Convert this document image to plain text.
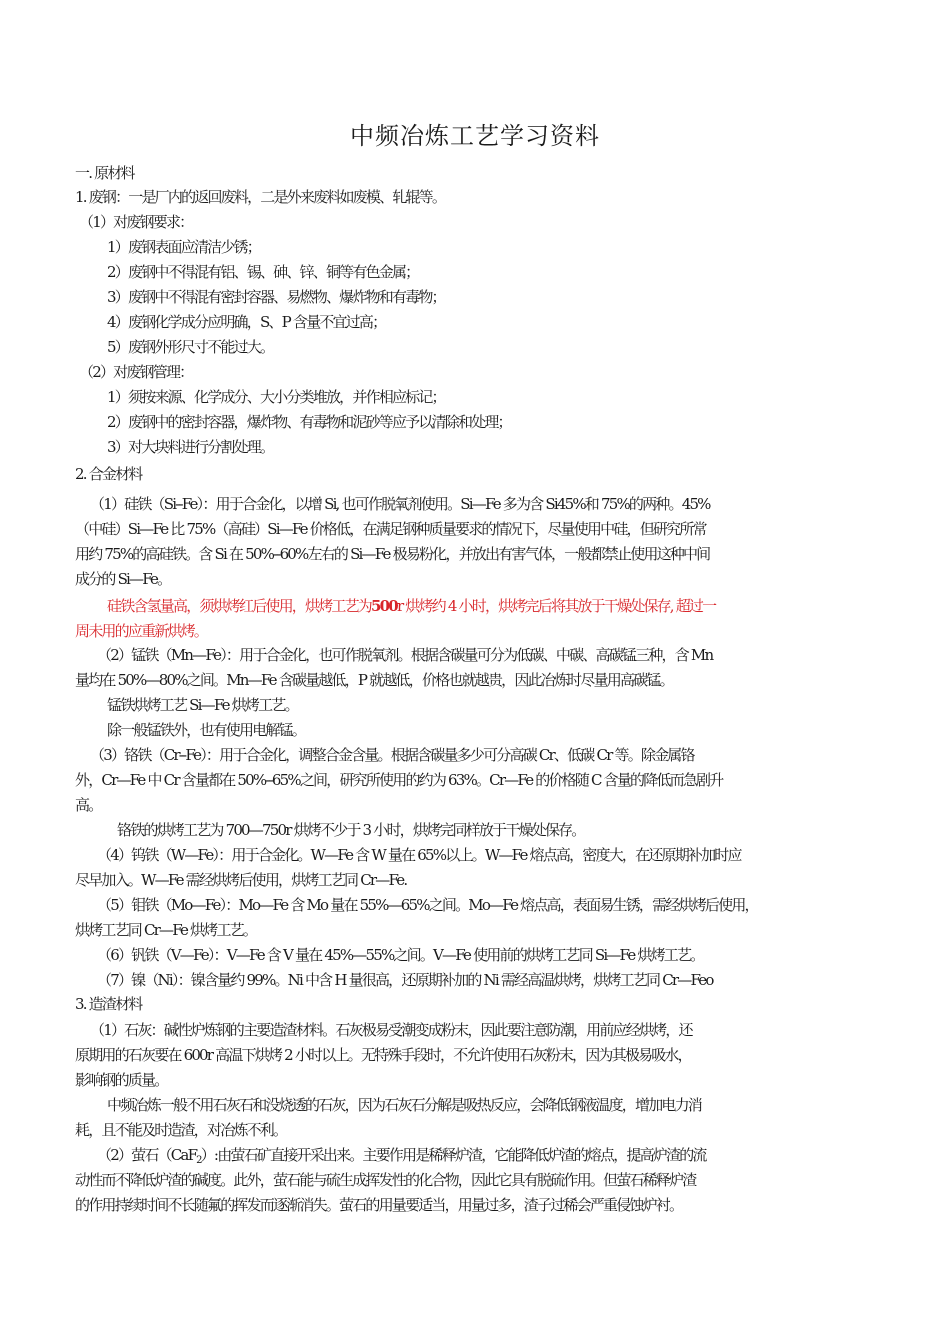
中频冶炼工艺学习资料
一. 原材料
1. 废钢：一是厂内的返回废料，二是外来废料如废模、轧辊等。
（1）对废钢要求：
1）废钢表面应清洁少锈；
2）废钢中不得混有铝、锡、砷、锌、铜等有色金属；
3）废钢中不得混有密封容器、易燃物、爆炸物和有毒物；
4）废钢化学成分应明确，S、P 含量不宜过高；
5）废钢外形尺寸不能过大。
（2）对废钢管理：
1）须按来源、化学成分、大小分类堆放，并作相应标记；
2）废钢中的密封容器，爆炸物、有毒物和泥砂等应予以清除和处理；
3）对大块料进行分割处理。
2. 合金材料
（1）硅铁（Si--Fe）：用于合金化，以增 Si, 也可作脱氧剂使用。Si—Fe 多为含 Si45%和 75%的两种。45%
（中硅）Si—Fe 比 75%（高硅）Si—Fe 价格低，在满足钢种质量要求的情况下，尽量使用中硅，但研究所常
用约 75%的高硅铁。含 Si 在 50%--60%左右的 Si—Fe 极易粉化，并放出有害气体，一般都禁止使用这种中间
成分的 Si—Fe。
硅铁含氢量高，须烘烤红后使用，烘烤工艺为500r 烘烤约 4 小时，烘烤完后将其放于干燥处保存, 超过一
周未用的应重新烘烤。
（2）锰铁（Mn—Fe）：用于合金化，也可作脱氧剂。根据含碳量可分为低碳、中碳、高碳锰三种，含 Mn
量均在 50%—80%之间。Mn—Fe 含碳量越低，P 就越低，价格也就越贵，因此冶炼时尽量用高碳锰。
锰铁烘烤工艺 Si—Fe 烘烤工艺。
除一般锰铁外，也有使用电解锰。
（3）铬铁（Cr--Fe）：用于合金化，调整合金含量。根据含碳量多少可分高碳 Cr、低碳 Cr 等。除金属铬
外，Cr—Fe 中 Cr 含量都在 50%--65%之间，研究所使用的约为 63%。Cr—Fe 的价格随 C 含量的降低而急剧升
高。
铬铁的烘烤工艺为 700—750r 烘烤不少于 3 小时，烘烤完同样放于干燥处保存。
（4）钨铁（W—Fe）：用于合金化。W—Fe 含 W 量在 65%以上。W—Fe 熔点高，密度大，在还原期补加时应
尽早加入。W—Fe 需经烘烤后使用，烘烤工艺同 Cr—Fe.
（5）钼铁（Mo—Fe）：Mo—Fe 含 Mo 量在 55%—65%之间。Mo—Fe 熔点高，表面易生锈，需经烘烤后使用，
烘烤工艺同 Cr—Fe 烘烤工艺。
（6）钒铁（V—Fe）：V—Fe 含 V 量在 45%—55%之间。V—Fe 使用前的烘烤工艺同 Si—Fe 烘烤工艺。
（7）镍（Ni）：镍含量约 99%。Ni 中含 H 量很高，还原期补加的 Ni 需经高温烘烤，烘烤工艺同 Cr—Feo
3. 造渣材料
（1）石灰：碱性炉炼钢的主要造渣材料。石灰极易受潮变成粉末，因此要注意防潮，用前应经烘烤，还
原期用的石灰要在 600r 高温下烘烤 2 小时以上。无特殊手段时，不允许使用石灰粉末，因为其极易吸水，
影响钢的质量。
中频冶炼一般不用石灰石和没烧透的石灰，因为石灰石分解是吸热反应，会降低钢液温度，增加电力消
耗，且不能及时造渣，对冶炼不利。
（2）萤石（CaF$_2$）:由萤石矿直接开采出来。主要作用是稀释炉渣，它能降低炉渣的熔点，提高炉渣的流
动性而不降低炉渣的碱度。此外，萤石能与硫生成挥发性的化合物，因此它具有脱硫作用。但萤石稀释炉渣
的作用持续时间不长随氟的挥发而逐渐消失。萤石的用量要适当，用量过多，渣子过稀会严重侵蚀炉衬。
